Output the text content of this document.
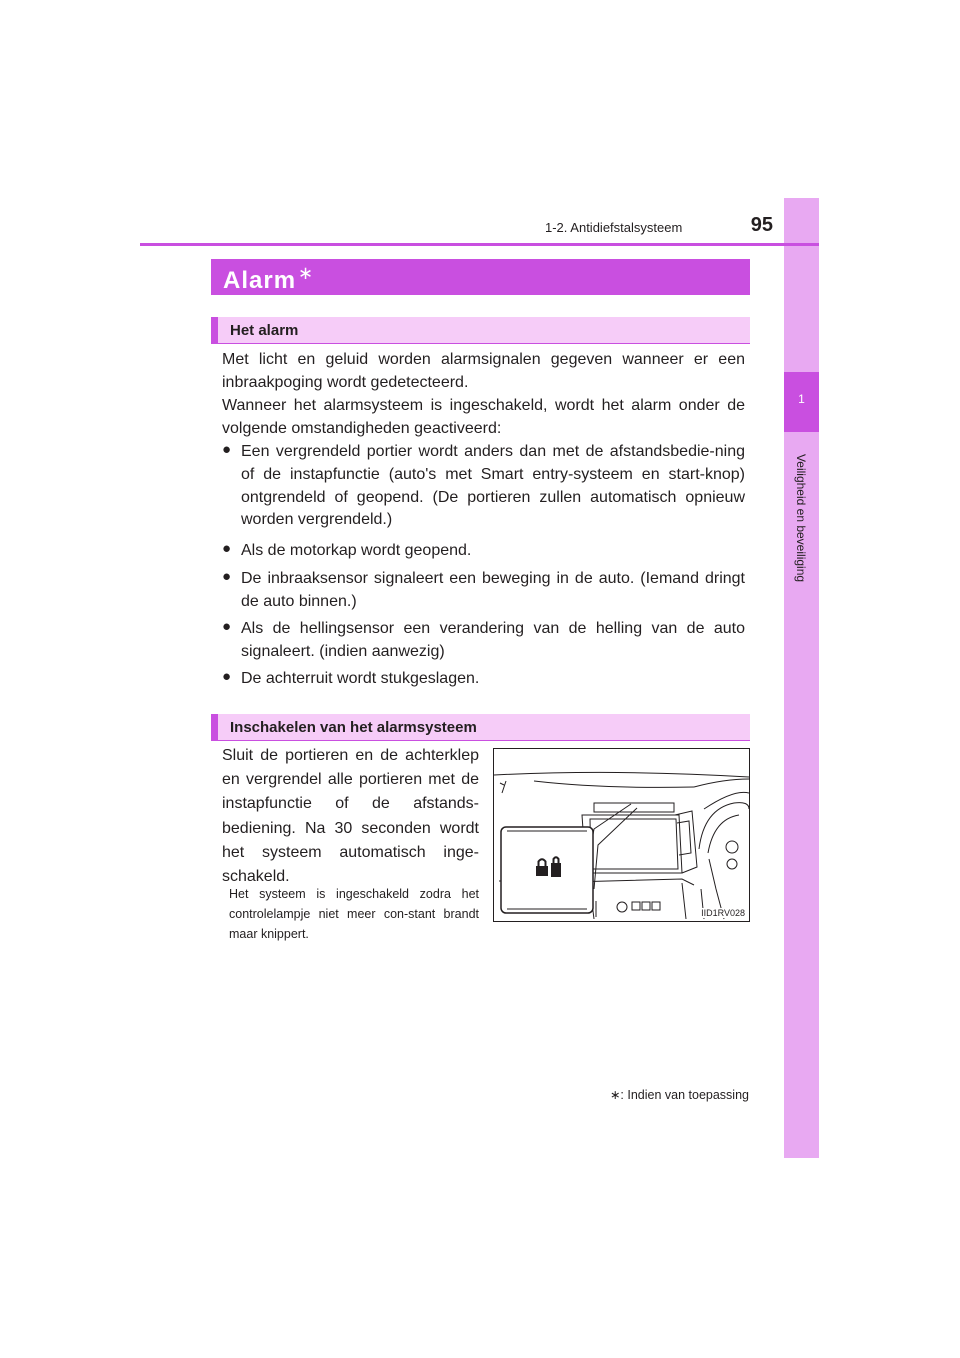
1
Veiligheid en beveiliging
1-2. Antidiefstalsysteem	95
Alarm ∗
Het alarm
Met licht en geluid worden alarmsignalen gegeven wanneer er een inbraakpoging wordt gedetecteerd.
Wanneer het alarmsysteem is ingeschakeld, wordt het alarm onder de volgende omstandigheden geactiveerd:
● Een vergrendeld portier wordt anders dan met de afstandsbedie-ning of de instapfunctie (auto's met Smart entry-systeem en start-knop) ontgrendeld of geopend. (De portieren zullen automatisch opnieuw worden vergrendeld.)
● Als de motorkap wordt geopend.
● De inbraaksensor signaleert een beweging in de auto. (Iemand dringt de auto binnen.)
● Als de hellingsensor een verandering van de helling van de auto signaleert. (indien aanwezig)
● De achterruit wordt stukgeslagen.
Inschakelen van het alarmsysteem
Sluit de portieren en de achterklep en vergrendel alle portieren met de instapfunctie of de afstands-bediening. Na 30 seconden wordt het systeem automatisch inge-schakeld.
Het systeem is ingeschakeld zodra het controlelampje niet meer con-stant brandt maar knippert.
IID1RV028
∗: Indien van toepassing
